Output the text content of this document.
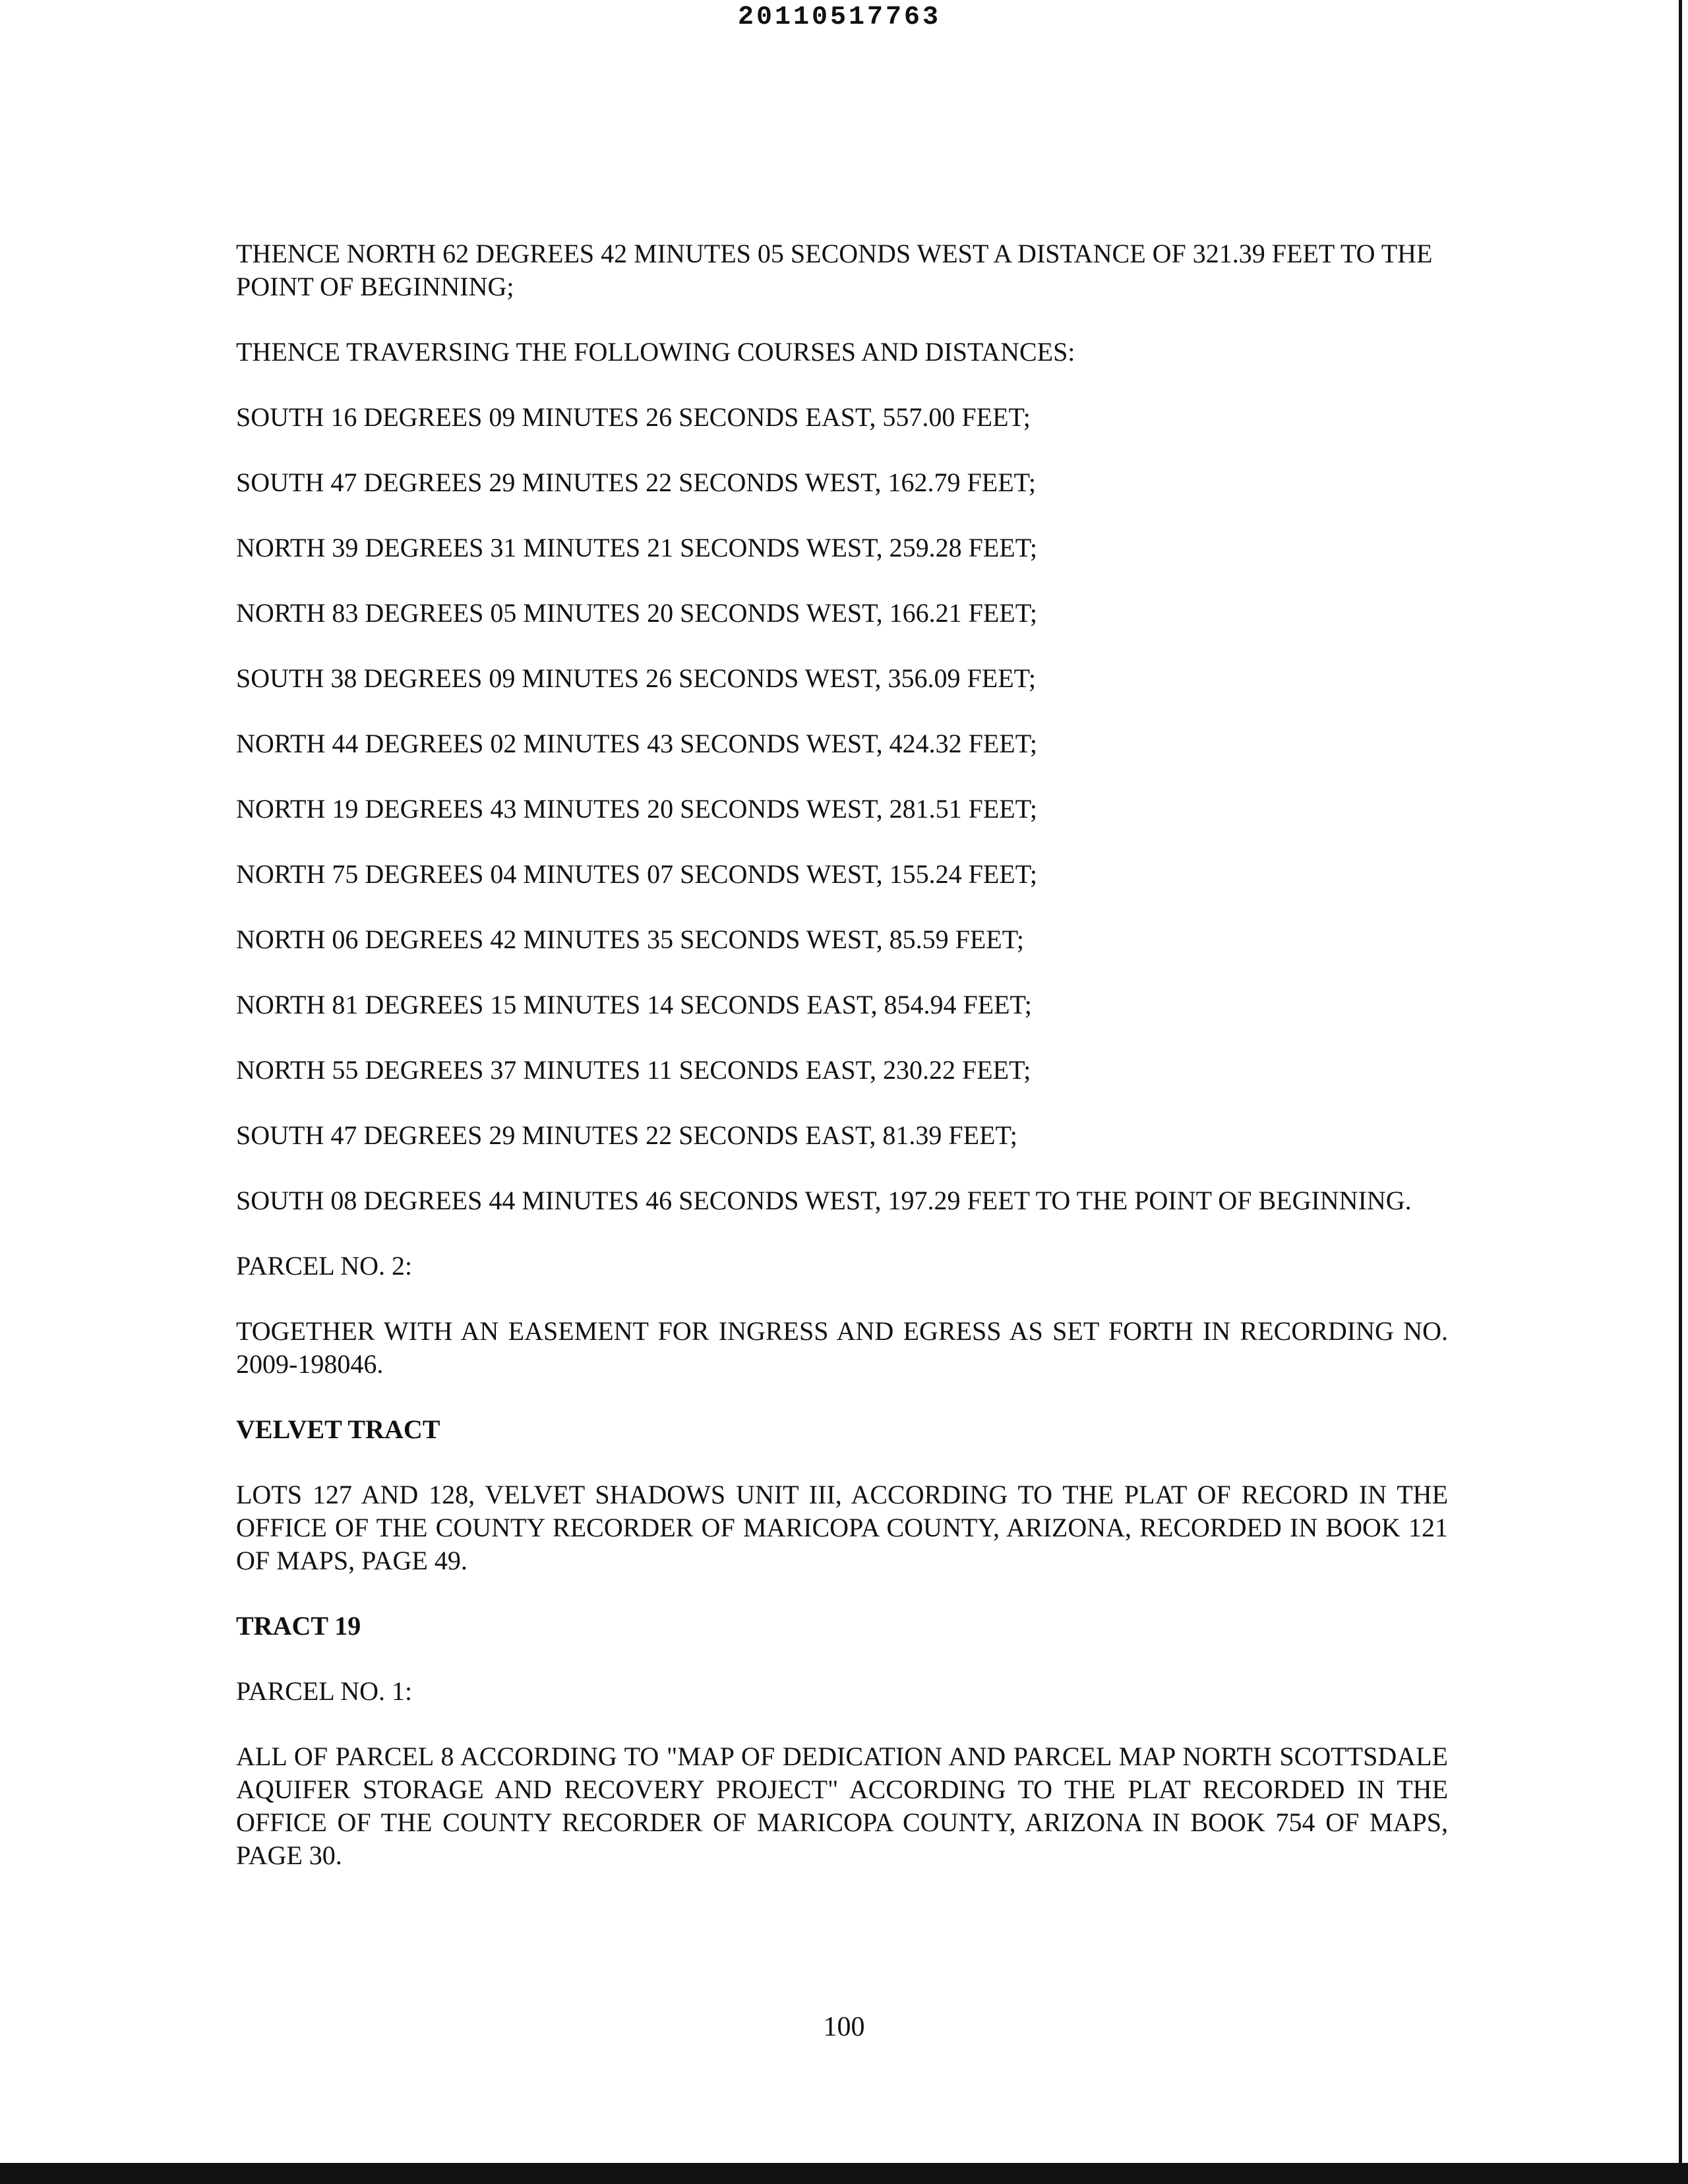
20110517763

THENCE NORTH 62 DEGREES 42 MINUTES 05 SECONDS WEST A DISTANCE OF 321.39 FEET TO THE POINT OF BEGINNING;

THENCE TRAVERSING THE FOLLOWING COURSES AND DISTANCES:

SOUTH 16 DEGREES 09 MINUTES 26 SECONDS EAST, 557.00 FEET;

SOUTH 47 DEGREES 29 MINUTES 22 SECONDS WEST, 162.79 FEET;

NORTH 39 DEGREES 31 MINUTES 21 SECONDS WEST, 259.28 FEET;

NORTH 83 DEGREES 05 MINUTES 20 SECONDS WEST, 166.21 FEET;

SOUTH 38 DEGREES 09 MINUTES 26 SECONDS WEST, 356.09 FEET;

NORTH 44 DEGREES 02 MINUTES 43 SECONDS WEST, 424.32 FEET;

NORTH 19 DEGREES 43 MINUTES 20 SECONDS WEST, 281.51 FEET;

NORTH 75 DEGREES 04 MINUTES 07 SECONDS WEST, 155.24 FEET;

NORTH 06 DEGREES 42 MINUTES 35 SECONDS WEST, 85.59 FEET;

NORTH 81 DEGREES 15 MINUTES 14 SECONDS EAST, 854.94 FEET;

NORTH 55 DEGREES 37 MINUTES 11 SECONDS EAST, 230.22 FEET;

SOUTH 47 DEGREES 29 MINUTES 22 SECONDS EAST, 81.39 FEET;

SOUTH 08 DEGREES 44 MINUTES 46 SECONDS WEST, 197.29 FEET TO THE POINT OF BEGINNING.

PARCEL NO. 2:

TOGETHER WITH AN EASEMENT FOR INGRESS AND EGRESS AS SET FORTH IN RECORDING NO. 2009-198046.

VELVET TRACT

LOTS 127 AND 128, VELVET SHADOWS UNIT III, ACCORDING TO THE PLAT OF RECORD IN THE OFFICE OF THE COUNTY RECORDER OF MARICOPA COUNTY, ARIZONA, RECORDED IN BOOK 121 OF MAPS, PAGE 49.

TRACT 19

PARCEL NO. 1:

ALL OF PARCEL 8 ACCORDING TO "MAP OF DEDICATION AND PARCEL MAP NORTH SCOTTSDALE AQUIFER STORAGE AND RECOVERY PROJECT" ACCORDING TO THE PLAT RECORDED IN THE OFFICE OF THE COUNTY RECORDER OF MARICOPA COUNTY, ARIZONA IN BOOK 754 OF MAPS, PAGE 30.

100
